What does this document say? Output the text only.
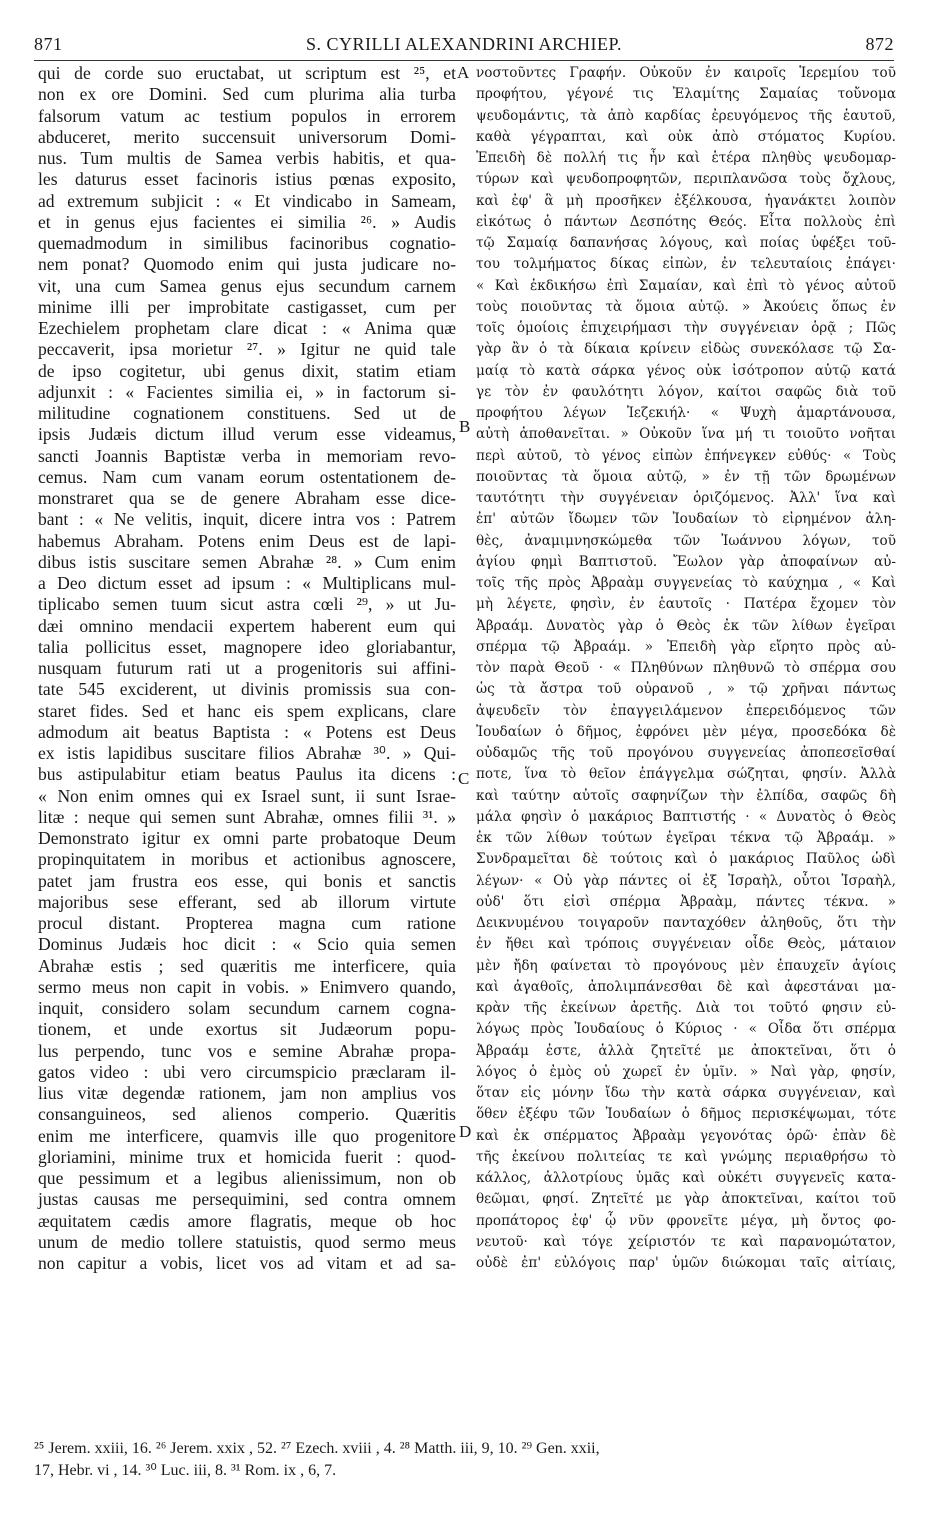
871	S. CYRILLI ALEXANDRINI ARCHIEP.	872
qui de corde suo eructabat, ut scriptum est ²⁵, et
non ex ore Domini. Sed cum plurima alia turba
falsorum vatum ac testium populos in errorem
abduceret, merito succensuit universorum Domi-
nus. Tum multis de Samea verbis habitis, et qua-
les daturus esset facinoris istius pœnas exposito,
ad extremum subjicit : « Et vindicabo in Sameam,
et in genus ejus facientes ei similia ²⁶. » Audis
quemadmodum in similibus facinoribus cognatio-
nem ponat? Quomodo enim qui justa judicare no-
vit, una cum Samea genus ejus secundum carnem
minime illi per improbitate castigasset, cum per
Ezechielem prophetam clare dicat : « Anima quæ
peccaverit, ipsa morietur ²⁷. » Igitur ne quid tale
de ipso cogitetur, ubi genus dixit, statim etiam
adjunxit : « Facientes similia ei, » in factorum si-
militudine cognationem constituens. Sed ut de
ipsis Judæis dictum illud verum esse videamus,
sancti Joannis Baptistæ verba in memoriam revo-
cemus. Nam cum vanam eorum ostentationem de-
monstraret qua se de genere Abraham esse dice-
bant : « Ne velitis, inquit, dicere intra vos : Patrem
habemus Abraham. Potens enim Deus est de lapi-
dibus istis suscitare semen Abrahæ ²⁸. » Cum enim
a Deo dictum esset ad ipsum : « Multiplicans mul-
tiplicabo semen tuum sicut astra cœli ²⁹, » ut Ju-
dæi omnino mendacii expertem haberent eum qui
talia pollicitus esset, magnopere ideo gloriabantur,
nusquam futurum rati ut a progenitoris sui affini-
tate 545 exciderent, ut divinis promissis sua con-
staret fides. Sed et hanc eis spem explicans, clare
admodum ait beatus Baptista : « Potens est Deus
ex istis lapidibus suscitare filios Abrahæ ³⁰. » Qui-
bus astipulabitur etiam beatus Paulus ita dicens :
« Non enim omnes qui ex Israel sunt, ii sunt Israe-
litæ : neque qui semen sunt Abrahæ, omnes filii ³¹. »
Demonstrato igitur ex omni parte probatoque Deum
propinquitatem in moribus et actionibus agnoscere,
patet jam frustra eos esse, qui bonis et sanctis
majoribus sese efferant, sed ab illorum virtute
procul distant. Propterea magna cum ratione
Dominus Judæis hoc dicit : « Scio quia semen
Abrahæ estis ; sed quæritis me interficere, quia
sermo meus non capit in vobis. » Enimvero quando,
inquit, considero solam secundum carnem cogna-
tionem, et unde exortus sit Judæorum popu-
lus perpendo, tunc vos e semine Abrahæ propa-
gatos video : ubi vero circumspicio præclaram il-
lius vitæ degendæ rationem, jam non amplius vos
consanguineos, sed alienos comperio. Quæritis
enim me interficere, quamvis ille quo progenitore
gloriamini, minime trux et homicida fuerit : quod-
que pessimum et a legibus alienissimum, non ob
justas causas me persequimini, sed contra omnem
æquitatem cædis amore flagratis, meque ob hoc
unum de medio tollere statuistis, quod sermo meus
non capitur a vobis, licet vos ad vitam et ad sa-
νοστοῦντες Γραφήν. Οὐκοῦν ἐν καιροῖς Ἱερεμίου τοῦ
προφήτου, γέγονέ τις Ἐλαμίτης Σαμαίας τοὔνομα
ψευδομάντις, τὰ ἀπὸ καρδίας ἐρευγόμενος τῆς ἑαυτοῦ,
καθὰ γέγραπται, καὶ οὐκ ἀπὸ στόματος Κυρίου.
Ἐπειδὴ δὲ πολλή τις ἦν καὶ ἑτέρα πληθὺς ψευδομαρ-
τύρων καὶ ψευδοπροφητῶν, περιπλανῶσα τοὺς ὄχλους,
καὶ ἐφ' ἃ μὴ προσῆκεν ἐξέλκουσα, ἠγανάκτει λοιπὸν
εἰκότως ὁ πάντων Δεσπότης Θεός. Εἶτα πολλοὺς ἐπὶ
τῷ Σαμαίᾳ δαπανήσας λόγους, καὶ ποίας ὑφέξει τοῦ-
του τολμήματος δίκας εἰπὼν, ἐν τελευταίοις ἐπάγει·
« Καὶ ἐκδικήσω ἐπὶ Σαμαίαν, καὶ ἐπὶ τὸ γένος αὐτοῦ
τοὺς ποιοῦντας τὰ ὅμοια αὐτῷ. » Ἀκούεις ὅπως ἐν
τοῖς ὁμοίοις ἐπιχειρήμασι τὴν συγγένειαν ὁρᾷ ; Πῶς
γὰρ ἂν ὁ τὰ δίκαια κρίνειν εἰδὼς συνεκόλασε τῷ Σα-
μαίᾳ τὸ κατὰ σάρκα γένος οὐκ ἰσότροπον αὐτῷ κατά
γε τὸν ἐν φαυλότητι λόγον, καίτοι σαφῶς διὰ τοῦ
προφήτου λέγων Ἰεζεκιήλ· « Ψυχὴ ἁμαρτάνουσα,
αὐτὴ ἀποθανεῖται. » Οὐκοῦν ἵνα μή τι τοιοῦτο νοῆται
περὶ αὐτοῦ, τὸ γένος εἰπὼν ἐπήνεγκεν εὐθύς· « Τοὺς
ποιοῦντας τὰ ὅμοια αὐτῷ, » ἐν τῇ τῶν δρωμένων
ταυτότητι τὴν συγγένειαν ὁριζόμενος. Ἀλλ' ἵνα καὶ
ἐπ' αὐτῶν ἴδωμεν τῶν Ἰουδαίων τὸ εἰρημένον ἀλη-
θὲς, ἀναμιμνησκώμεθα τῶν Ἰωάννου λόγων, τοῦ
ἁγίου φημὶ Βαπτιστοῦ. Ἔωλον γὰρ ἀποφαίνων αὐ-
τοῖς τῆς πρὸς Ἀβραὰμ συγγενείας τὸ καύχημα , « Καὶ
μὴ λέγετε, φησὶν, ἐν ἑαυτοῖς · Πατέρα ἔχομεν τὸν
Ἀβραάμ. Δυνατὸς γὰρ ὁ Θεὸς ἐκ τῶν λίθων ἐγεῖραι
σπέρμα τῷ Ἀβραάμ. » Ἐπειδὴ γὰρ εἴρητο πρὸς αὐ-
τὸν παρὰ Θεοῦ · « Πληθύνων πληθυνῶ τὸ σπέρμα σου
ὡς τὰ ἄστρα τοῦ οὐρανοῦ , » τῷ χρῆναι πάντως
ἀψευδεῖν τὸν ἐπαγγειλάμενον ἐπερειδόμενος τῶν
Ἰουδαίων ὁ δῆμος, ἐφρόνει μὲν μέγα, προσεδόκα δὲ
οὐδαμῶς τῆς τοῦ προγόνου συγγενείας ἀποπεσεῖσθαί
ποτε, ἵνα τὸ θεῖον ἐπάγγελμα σώζηται, φησίν. Ἀλλὰ
καὶ ταύτην αὐτοῖς σαφηνίζων τὴν ἐλπίδα, σαφῶς δὴ
μάλα φησὶν ὁ μακάριος Βαπτιστής · « Δυνατὸς ὁ Θεὸς
ἐκ τῶν λίθων τούτων ἐγεῖραι τέκνα τῷ Ἀβραάμ. »
Συνδραμεῖται δὲ τούτοις καὶ ὁ μακάριος Παῦλος ὡδὶ
λέγων· « Οὐ γὰρ πάντες οἱ ἐξ Ἰσραὴλ, οὗτοι Ἰσραὴλ,
οὐδ' ὅτι εἰσὶ σπέρμα Ἀβραὰμ, πάντες τέκνα. »
Δεικνυμένου τοιγαροῦν πανταχόθεν ἀληθοῦς, ὅτι τὴν
ἐν ἤθει καὶ τρόποις συγγένειαν οἶδε Θεὸς, μάταιον
μὲν ἤδη φαίνεται τὸ προγόνους μὲν ἐπαυχεῖν ἁγίοις
καὶ ἀγαθοῖς, ἀπολιμπάνεσθαι δὲ καὶ ἀφεστάναι μα-
κρὰν τῆς ἐκείνων ἀρετῆς. Διὰ τοι τοῦτό φησιν εὐ-
λόγως πρὸς Ἰουδαίους ὁ Κύριος · « Οἶδα ὅτι σπέρμα
Ἀβραάμ ἐστε, ἀλλὰ ζητεῖτέ με ἀποκτεῖναι, ὅτι ὁ
λόγος ὁ ἐμὸς οὐ χωρεῖ ἐν ὑμῖν. » Ναὶ γὰρ, φησίν,
ὅταν εἰς μόνην ἴδω τὴν κατὰ σάρκα συγγένειαν, καὶ
ὅθεν ἐξέφυ τῶν Ἰουδαίων ὁ δῆμος περισκέψωμαι, τότε
καὶ ἐκ σπέρματος Ἀβραὰμ γεγονότας ὁρῶ· ἐπὰν δὲ
τῆς ἐκείνου πολιτείας τε καὶ γνώμης περιαθρήσω τὸ
κάλλος, ἀλλοτρίους ὑμᾶς καὶ οὐκέτι συγγενεῖς κατα-
θεῶμαι, φησί. Ζητεῖτέ με γὰρ ἀποκτεῖναι, καίτοι τοῦ
προπάτορος ἐφ' ᾧ νῦν φρονεῖτε μέγα, μὴ ὄντος φο-
νευτοῦ· καὶ τόγε χείριστόν τε καὶ παρανομώτατον,
οὐδὲ ἐπ' εὐλόγοις παρ' ὑμῶν διώκομαι ταῖς αἰτίαις,
A
B
C
D
²⁵ Jerem. xxiii, 16. ²⁶ Jerem. xxix , 52. ²⁷ Ezech. xviii , 4. ²⁸ Matth. iii, 9, 10. ²⁹ Gen. xxii,
17, Hebr. vi , 14. ³⁰ Luc. iii, 8. ³¹ Rom. ix , 6, 7.
